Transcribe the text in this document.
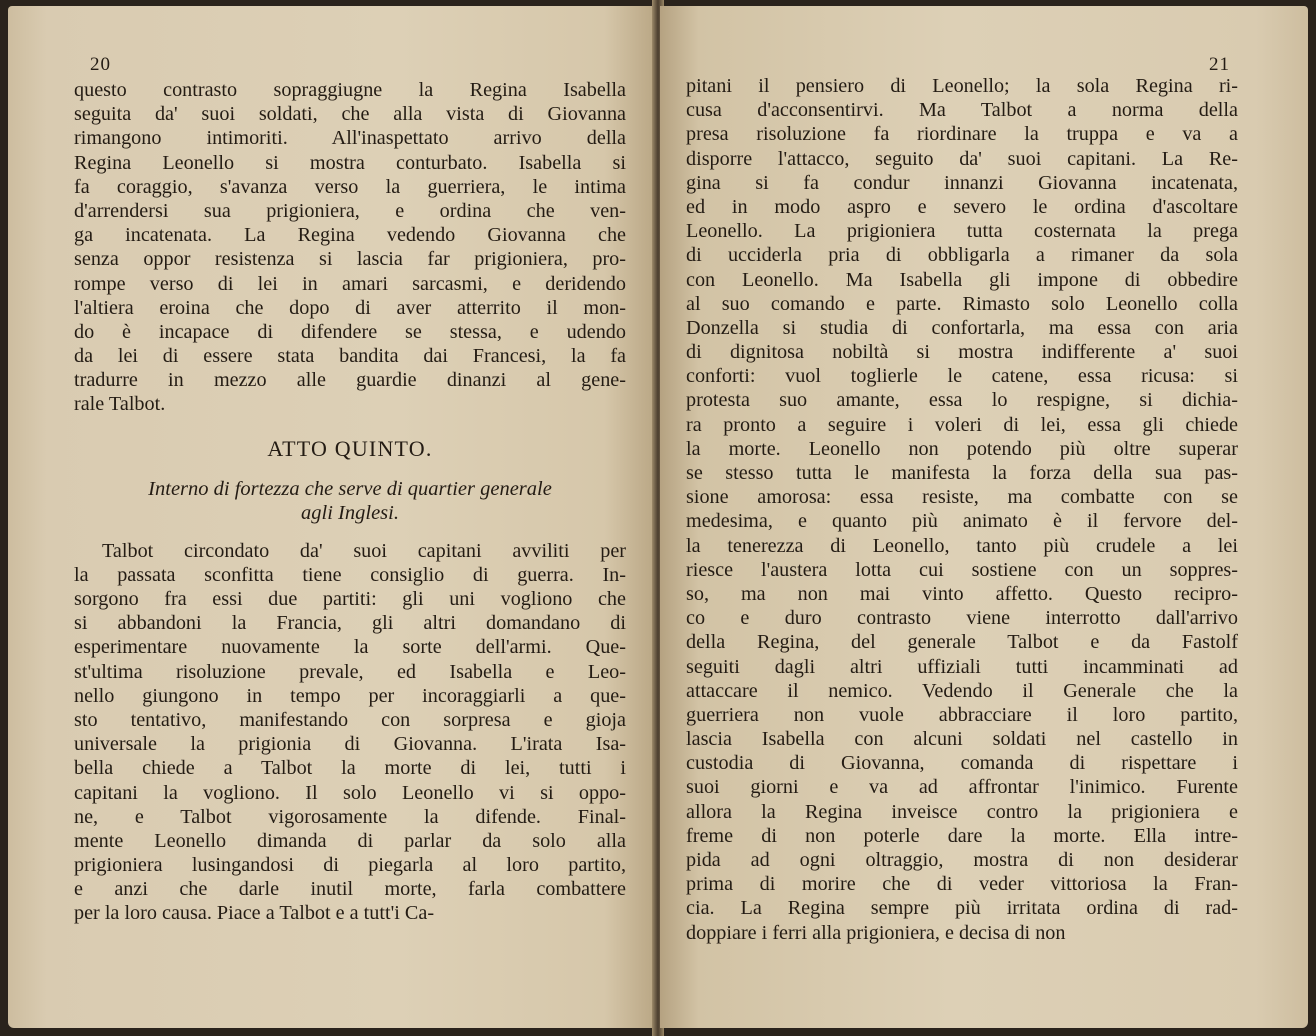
20
questo contrasto sopraggiugne la Regina Isabella
seguita da' suoi soldati, che alla vista di Giovanna
rimangono intimoriti. All'inaspettato arrivo della
Regina Leonello si mostra conturbato. Isabella si
fa coraggio, s'avanza verso la guerriera, le intima
d'arrendersi sua prigioniera, e ordina che ven-
ga incatenata. La Regina vedendo Giovanna che
senza oppor resistenza si lascia far prigioniera, pro-
rompe verso di lei in amari sarcasmi, e deridendo
l'altiera eroina che dopo di aver atterrito il mon-
do è incapace di difendere se stessa, e udendo
da lei di essere stata bandita dai Francesi, la fa
tradurre in mezzo alle guardie dinanzi al gene-
rale Talbot.
ATTO QUINTO.
Interno di fortezza che serve di quartier generale
agli Inglesi.
Talbot circondato da' suoi capitani avviliti per
la passata sconfitta tiene consiglio di guerra. In-
sorgono fra essi due partiti: gli uni vogliono che
si abbandoni la Francia, gli altri domandano di
esperimentare nuovamente la sorte dell'armi. Que-
st'ultima risoluzione prevale, ed Isabella e Leo-
nello giungono in tempo per incoraggiarli a que-
sto tentativo, manifestando con sorpresa e gioja
universale la prigionia di Giovanna. L'irata Isa-
bella chiede a Talbot la morte di lei, tutti i
capitani la vogliono. Il solo Leonello vi si oppo-
ne, e Talbot vigorosamente la difende. Final-
mente Leonello dimanda di parlar da solo alla
prigioniera lusingandosi di piegarla al loro partito,
e anzi che darle inutil morte, farla combattere
per la loro causa. Piace a Talbot e a tutt'i Ca-
21
pitani il pensiero di Leonello; la sola Regina ri-
cusa d'acconsentirvi. Ma Talbot a norma della
presa risoluzione fa riordinare la truppa e va a
disporre l'attacco, seguito da' suoi capitani. La Re-
gina si fa condur innanzi Giovanna incatenata,
ed in modo aspro e severo le ordina d'ascoltare
Leonello. La prigioniera tutta costernata la prega
di ucciderla pria di obbligarla a rimaner da sola
con Leonello. Ma Isabella gli impone di obbedire
al suo comando e parte. Rimasto solo Leonello colla
Donzella si studia di confortarla, ma essa con aria
di dignitosa nobiltà si mostra indifferente a' suoi
conforti: vuol toglierle le catene, essa ricusa: si
protesta suo amante, essa lo respigne, si dichia-
ra pronto a seguire i voleri di lei, essa gli chiede
la morte. Leonello non potendo più oltre superar
se stesso tutta le manifesta la forza della sua pas-
sione amorosa: essa resiste, ma combatte con se
medesima, e quanto più animato è il fervore del-
la tenerezza di Leonello, tanto più crudele a lei
riesce l'austera lotta cui sostiene con un soppres-
so, ma non mai vinto affetto. Questo recipro-
co e duro contrasto viene interrotto dall'arrivo
della Regina, del generale Talbot e da Fastolf
seguiti dagli altri uffiziali tutti incamminati ad
attaccare il nemico. Vedendo il Generale che la
guerriera non vuole abbracciare il loro partito,
lascia Isabella con alcuni soldati nel castello in
custodia di Giovanna, comanda di rispettare i
suoi giorni e va ad affrontar l'inimico. Furente
allora la Regina inveisce contro la prigioniera e
freme di non poterle dare la morte. Ella intre-
pida ad ogni oltraggio, mostra di non desiderar
prima di morire che di veder vittoriosa la Fran-
cia. La Regina sempre più irritata ordina di rad-
doppiare i ferri alla prigioniera, e decisa di non
